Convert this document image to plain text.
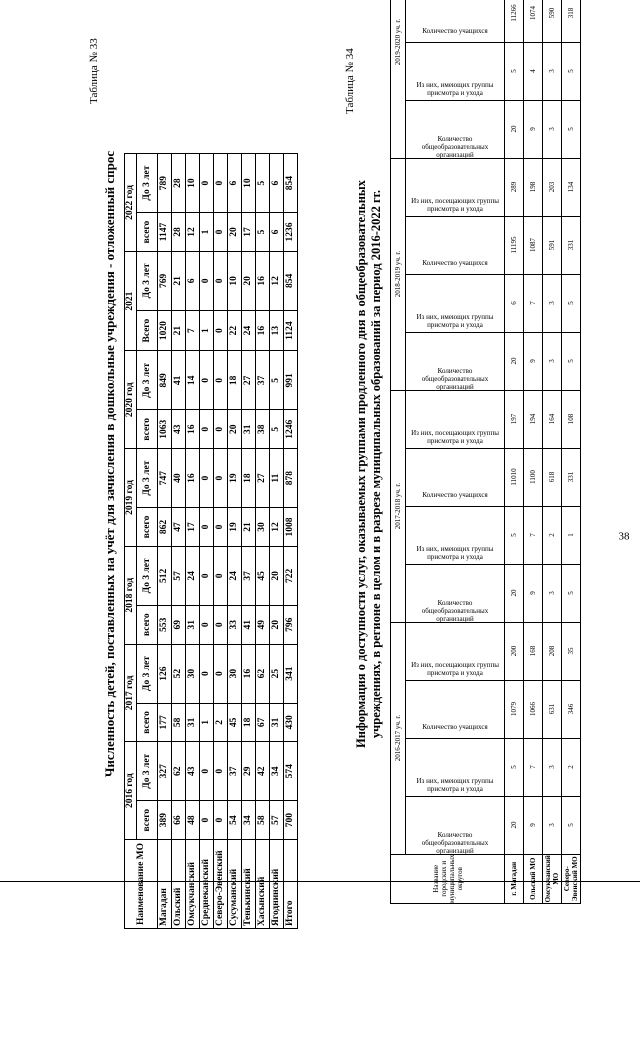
38
Таблица № 33
Численность детей, поставленных на учёт для зачисления в дошкольные учреждения - отложенный спрос
Наименование МО	2016 год		2017 год		2018 год		2019 год		2020 год		2021		2022 год	
	всего	До 3 лет	всего	До 3 лет	всего	До 3 лет	всего	До 3 лет	всего	До 3 лет	Всего	До 3 лет	всего	До 3 лет
Магадан	389	327	177	126	553	512	862	747	1063	849	1020	769	1147	789
Ольский	66	62	58	52	69	57	47	40	43	41	21	21	28	28
Омсукчанский	48	43	31	30	31	24	17	16	16	14	7	6	12	10
Среднеканский	0	0	1	0	0	0	0	0	0	0	1	0	1	0
Северо-Эвенский	0	0	2	0	0	0	0	0	0	0	0	0	0	0
Сусуманский	54	37	45	30	33	24	19	19	20	18	22	10	20	6
Тенькинский	34	29	18	16	41	37	21	18	31	27	24	20	17	10
Хасынский	58	42	67	62	49	45	30	27	38	37	16	16	5	5
Ягоднинский	57	34	31	25	20	20	12	11	5	5	13	12	6	6
Итого	700	574	430	341	796	722	1008	878	1246	991	1124	854	1236	854
Таблица № 34
Информация о доступности услуг, оказываемых группами продленного дня в общеобразовательных учреждениях, в регионе в целом и в разрезе муниципальных образований за период 2016-2022 гг.
Название городских и муниципальных округов	2016-2017 уч. г.				2017-2018 уч. г.				2018-2019 уч. г.				2019-2020 уч. г.			

	Количество общеобразовательных организаций	Из них, имеющих группы присмотра и ухода	Количество учащихся	Из них, посещающих группы присмотра и ухода	Количество общеобразовательных организаций	Из них, имеющих группы присмотра и ухода	Количество учащихся	Из них, посещающих группы присмотра и ухода	Количество общеобразовательных организаций	Из них, имеющих группы присмотра и ухода	Количество учащихся	Из них, посещающих группы присмотра и ухода	Количество общеобразовательных организаций	Из них, имеющих группы присмотра и ухода	Количество учащихся

г. Магадан	20	5	1079	200	20	5	11010	197	20	6	11195	289	20	5	11266	
Ольский МО	9	7	1066	168	9	7	1100	194	9	7	1087	198	9	4	1074	
Омсукчанский МО	3	3	631	208	3	2	618	164	3	3	591	203	3	3	590	
Северо-Эвенский МО	5	2	346	35	5	1	331	108	5	5	331	134	5	5	318	
